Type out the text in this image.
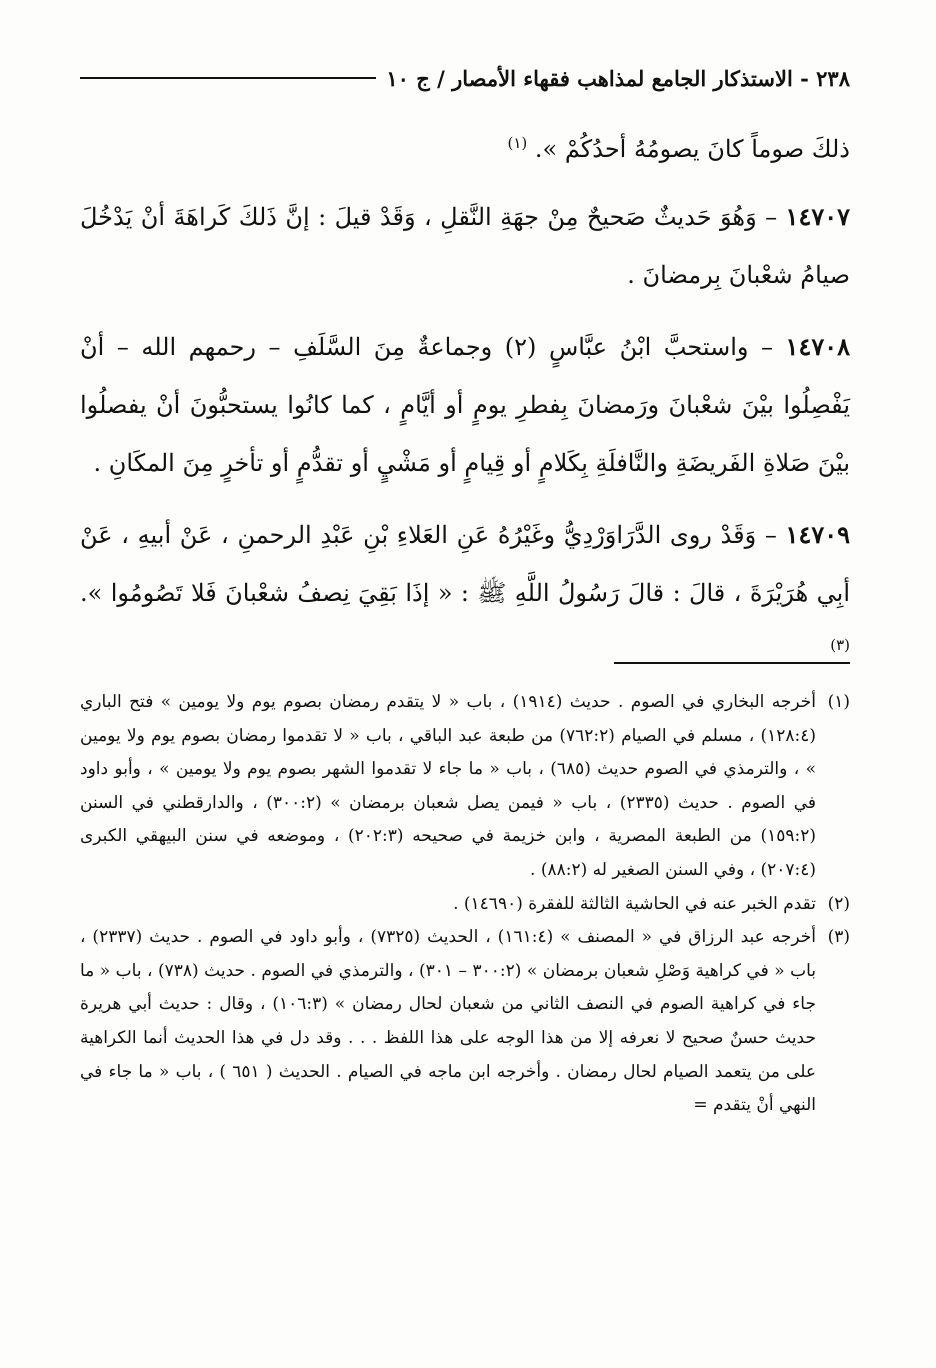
٢٣٨ - الاستذكار الجامع لمذاهب فقهاء الأمصار / ج ١٠

ذلكَ صوماً كانَ يصومُهُ أحدُكُمْ ». $^{(١)}$

١٤٧٠٧ – وَهُوَ حَديثٌ صَحيحٌ مِنْ جهَةِ النَّقلِ ، وَقَدْ قيلَ : إنَّ ذَلكَ كَراهَةَ أنْ يَدْخُلَ صيامُ شعْبانَ بِرمضانَ .

١٤٧٠٨ – واستحبَّ ابْنُ عبَّاسٍ (٢) وجماعةٌ مِنَ السَّلَفِ – رحمهم الله – أنْ يَفْصِلُوا بيْنَ شعْبانَ ورَمضانَ بِفطرِ يومٍ أو أيَّامٍ ، كما كانُوا يستحبُّونَ أنْ يفصلُوا بيْنَ صَلاةِ الفَريضَةِ والنَّافلَةِ بِكَلامٍ أو قِيامٍ أو مَشْيٍ أو تقدُّمٍ أو تأخرٍ مِنَ المكَانِ .

١٤٧٠٩ – وَقَدْ روى الدَّرَاوَرْدِيُّ وغَيْرُهُ عَنِ العَلاءِ بْنِ عَبْدِ الرحمنِ ، عَنْ أبيهِ ، عَنْ أبِي هُرَيْرَةَ ، قالَ : قالَ رَسُولُ اللَّهِ ﷺ : « إذَا بَقِيَ نِصفُ شعْبانَ فَلا تَصُومُوا ». $^{(٣)}$

(١)
أخرجه البخاري في الصوم . حديث (١٩١٤) ، باب « لا يتقدم رمضان بصوم يوم ولا يومين » فتح الباري (١٢٨:٤) ، مسلم في الصيام (٧٦٢:٢) من طبعة عبد الباقي ، باب « لا تقدموا رمضان بصوم يوم ولا يومين » ، والترمذي في الصوم حديث (٦٨٥) ، باب « ما جاء لا تقدموا الشهر بصوم يوم ولا يومين » ، وأبو داود في الصوم . حديث (٢٣٣٥) ، باب « فيمن يصل شعبان برمضان » (٣٠٠:٢) ، والدارقطني في السنن (١٥٩:٢) من الطبعة المصرية ، وابن خزيمة في صحيحه (٢٠٢:٣) ، وموضعه في سنن البيهقي الكبرى (٢٠٧:٤) ، وفي السنن الصغير له (٨٨:٢) .

(٢)
تقدم الخبر عنه في الحاشية الثالثة للفقرة (١٤٦٩٠) .

(٣)
أخرجه عبد الرزاق في « المصنف » (١٦١:٤) ، الحديث (٧٣٢٥) ، وأبو داود في الصوم . حديث (٢٣٣٧) ، باب « في كراهية وَصْلِ شعبان برمضان » (٣٠٠:٢ – ٣٠١) ، والترمذي في الصوم . حديث (٧٣٨) ، باب « ما جاء في كراهية الصوم في النصف الثاني من شعبان لحال رمضان » (١٠٦:٣) ، وقال : حديث أبي هريرة حديث حسنٌ صحيح لا نعرفه إلا من هذا الوجه على هذا اللفظ . . . وقد دل في هذا الحديث أنما الكراهية على من يتعمد الصيام لحال رمضان . وأخرجه ابن ماجه في الصيام . الحديث ( ٦٥١ ) ، باب « ما جاء في النهي أنْ يتقدم =
